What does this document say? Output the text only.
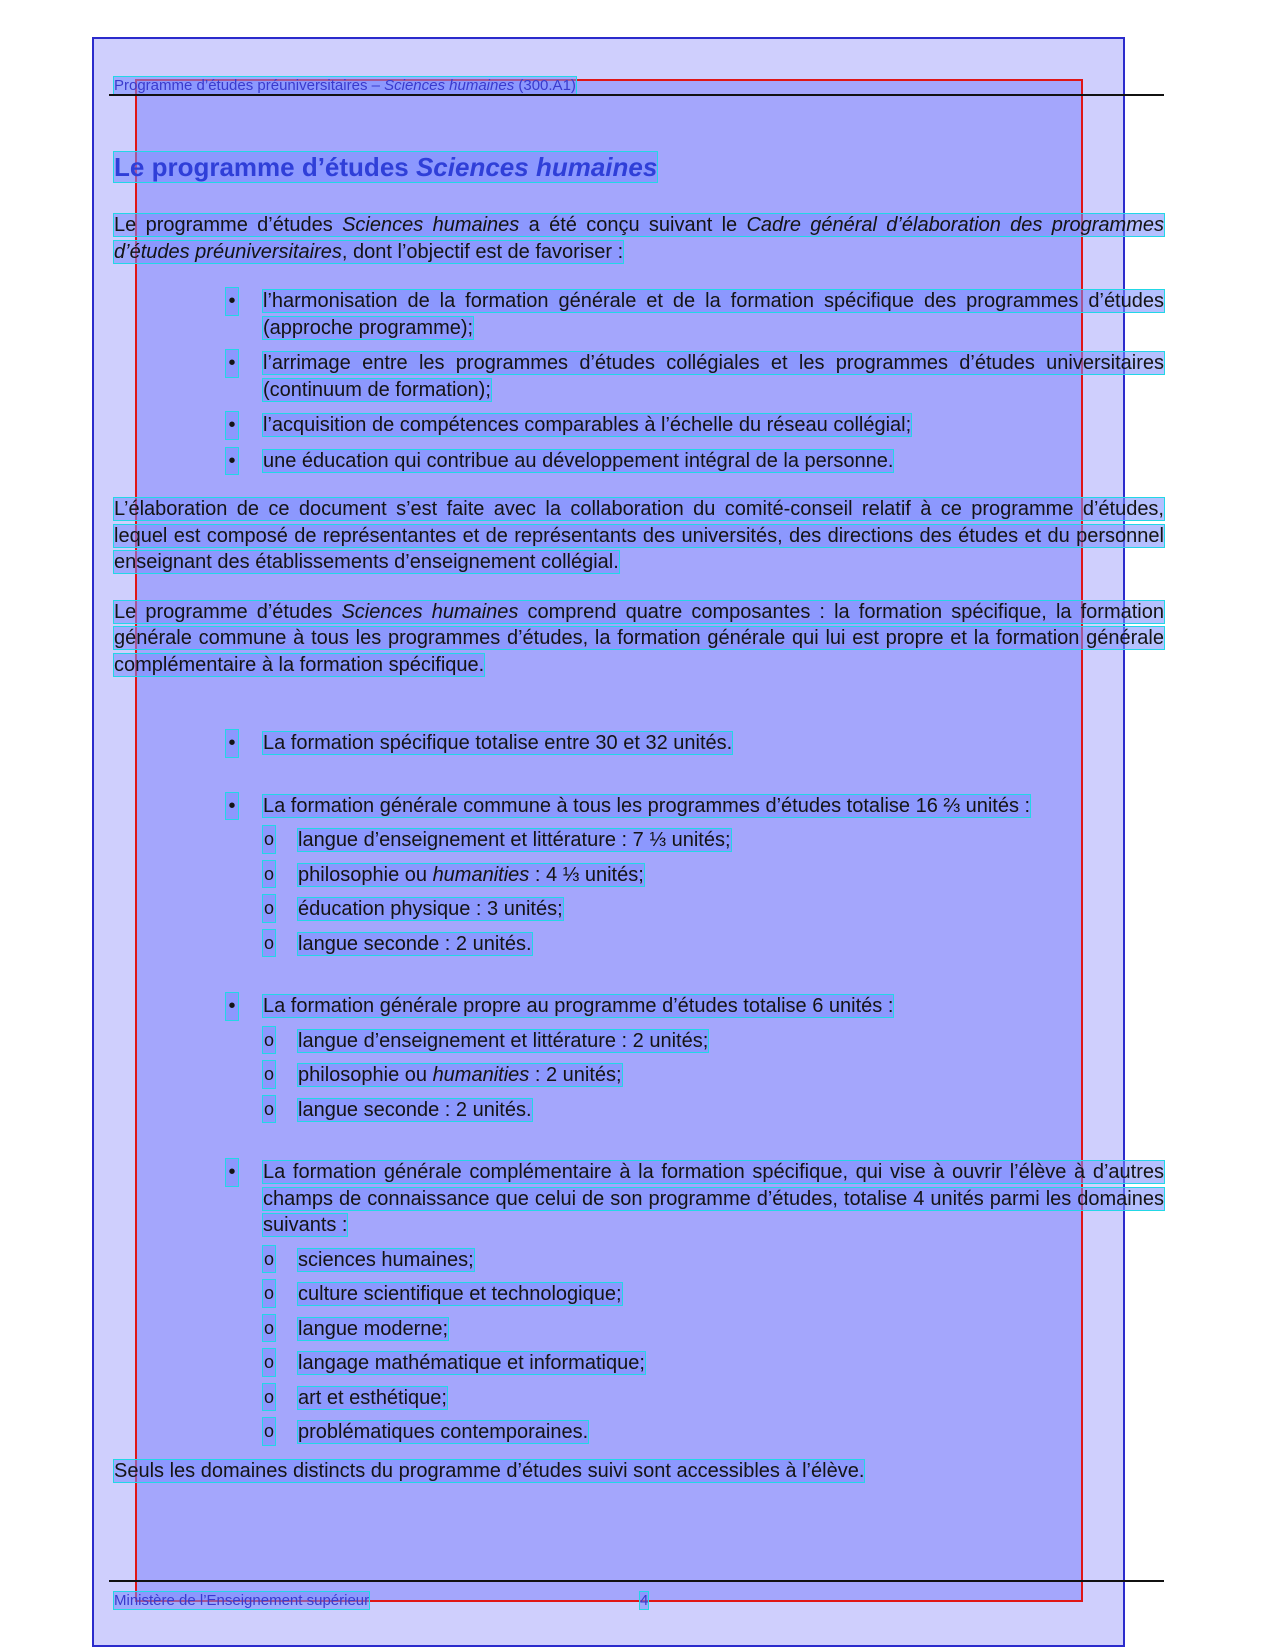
Programme d’études préuniversitaires – Sciences humaines (300.A1)
Le programme d’études Sciences humaines

Le programme d’études Sciences humaines a été conçu suivant le Cadre général d’élaboration des programmes d’études préuniversitaires, dont l’objectif est de favoriser :

• l’harmonisation de la formation générale et de la formation spécifique des programmes d’études (approche programme);
• l’arrimage entre les programmes d’études collégiales et les programmes d’études universitaires (continuum de formation);
• l’acquisition de compétences comparables à l’échelle du réseau collégial;
• une éducation qui contribue au développement intégral de la personne.

L’élaboration de ce document s’est faite avec la collaboration du comité-conseil relatif à ce programme d’études, lequel est composé de représentantes et de représentants des universités, des directions des études et du personnel enseignant des établissements d’enseignement collégial.

Le programme d’études Sciences humaines comprend quatre composantes : la formation spécifique, la formation générale commune à tous les programmes d’études, la formation générale qui lui est propre et la formation générale complémentaire à la formation spécifique.

• La formation spécifique totalise entre 30 et 32 unités.
• La formation générale commune à tous les programmes d’études totalise 16 ⅔ unités :
o langue d’enseignement et littérature : 7 ⅓ unités;
o philosophie ou humanities : 4 ⅓ unités;
o éducation physique : 3 unités;
o langue seconde : 2 unités.
• La formation générale propre au programme d’études totalise 6 unités :
o langue d’enseignement et littérature : 2 unités;
o philosophie ou humanities : 2 unités;
o langue seconde : 2 unités.
• La formation générale complémentaire à la formation spécifique, qui vise à ouvrir l’élève à d’autres champs de connaissance que celui de son programme d’études, totalise 4 unités parmi les domaines suivants :
o sciences humaines;
o culture scientifique et technologique;
o langue moderne;
o langage mathématique et informatique;
o art et esthétique;
o problématiques contemporaines.

Seuls les domaines distincts du programme d’études suivi sont accessibles à l’élève.

Ministère de l’Enseignement supérieur	4
